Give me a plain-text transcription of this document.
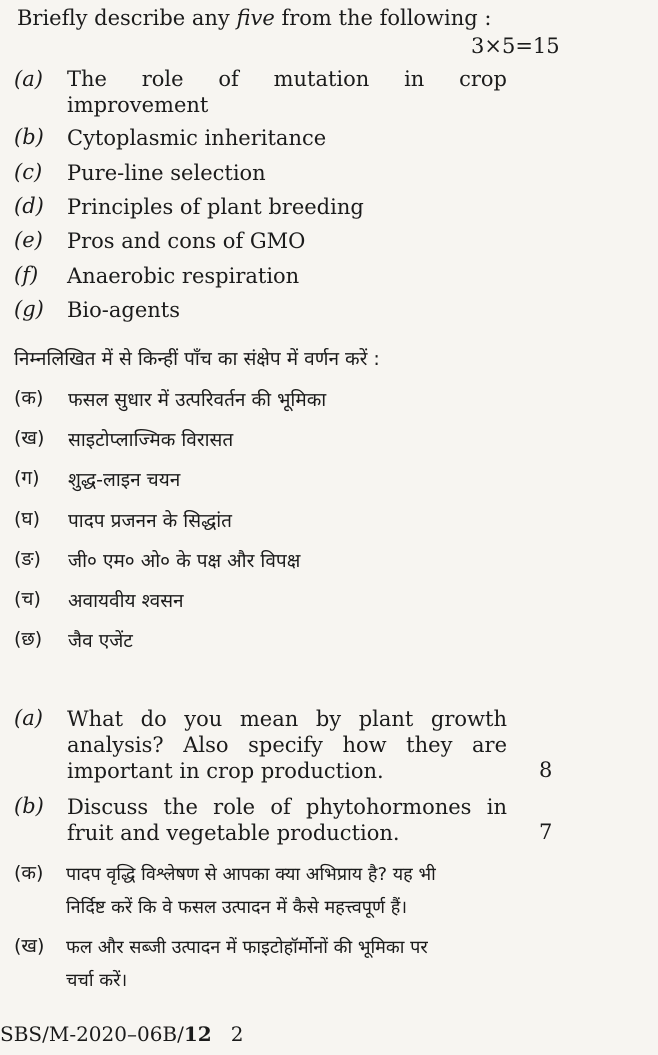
Briefly describe any five from the following :
3×5=15
(a) The role of mutation in crop improvement
(b) Cytoplasmic inheritance
(c) Pure-line selection
(d) Principles of plant breeding
(e) Pros and cons of GMO
(f) Anaerobic respiration
(g) Bio-agents
निम्नलिखित में से किन्हीं पाँच का संक्षेप में वर्णन करें :
(क) फसल सुधार में उत्परिवर्तन की भूमिका
(ख) साइटोप्लाज्मिक विरासत
(ग) शुद्ध-लाइन चयन
(घ) पादप प्रजनन के सिद्धांत
(ङ) जी० एम० ओ० के पक्ष और विपक्ष
(च) अवायवीय श्वसन
(छ) जैव एजेंट
(a) What do you mean by plant growth
analysis? Also specify how they are
important in crop production.	8
(b) Discuss the role of phytohormones in
fruit and vegetable production.	7
(क) पादप वृद्धि विश्लेषण से आपका क्या अभिप्राय है? यह भी
निर्दिष्ट करें कि वे फसल उत्पादन में कैसे महत्त्वपूर्ण हैं।
(ख) फल और सब्जी उत्पादन में फाइटोहॉर्मोनों की भूमिका पर
चर्चा करें।
SBS/M-2020–06B/12 2
